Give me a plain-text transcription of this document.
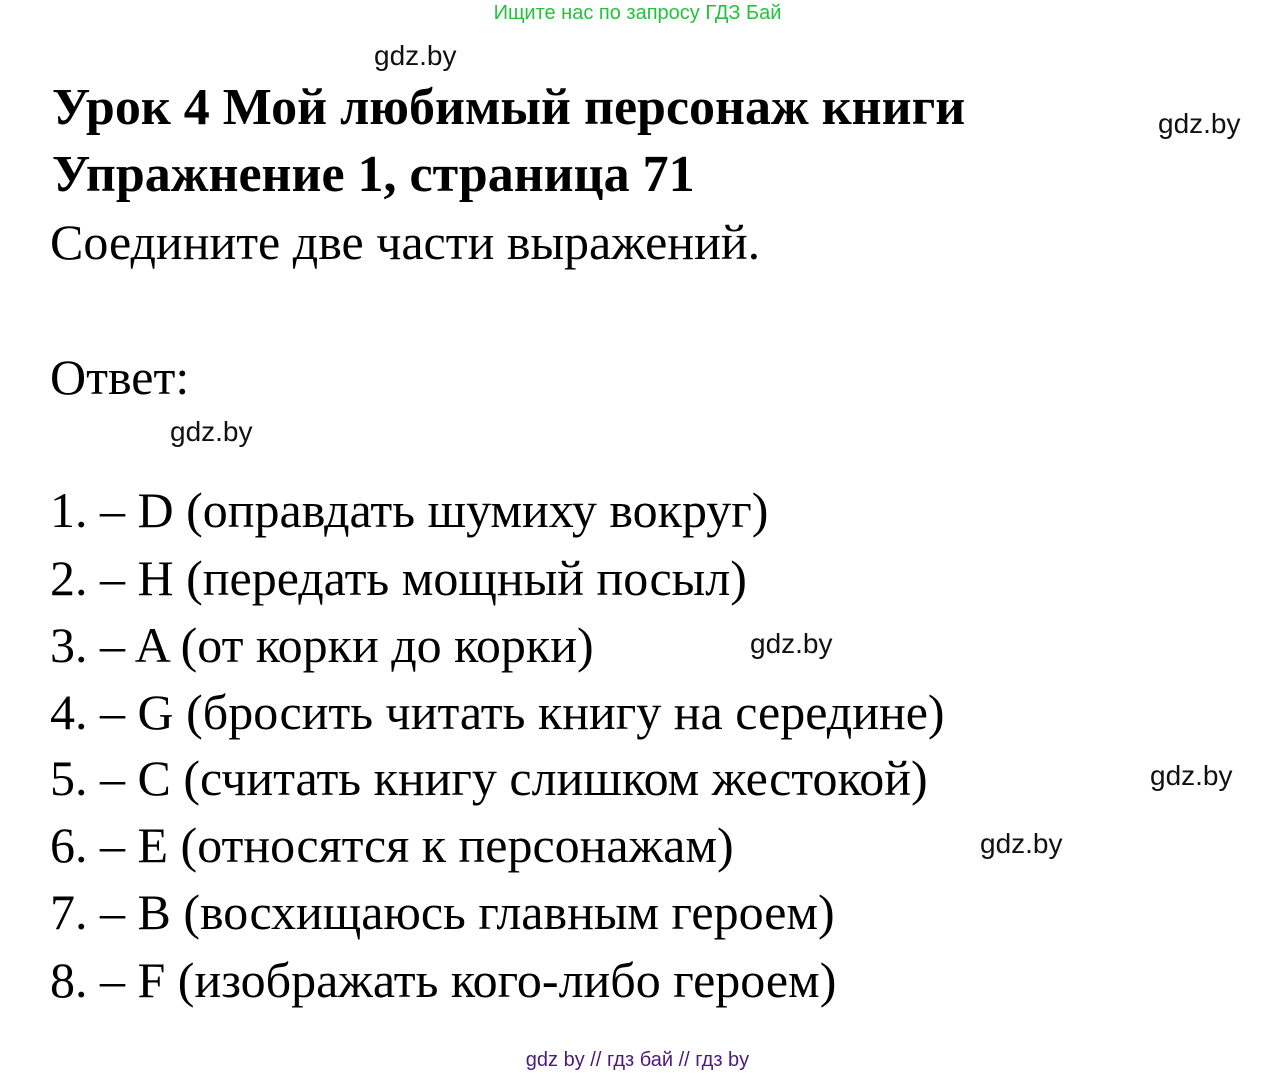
Ищите нас по запросу ГДЗ Бай
gdz.by
gdz.by
gdz.by
gdz.by
gdz.by
gdz.by
Урок 4 Мой любимый персонаж книги
Упражнение 1, страница 71
Соедините две части выражений.
Ответ:
1. – D (оправдать шумиху вокруг)
2. – H (передать мощный посыл)
3. – A (от корки до корки)
4. – G (бросить читать книгу на середине)
5. – C (считать книгу слишком жестокой)
6. – E (относятся к персонажам)
7. – B (восхищаюсь главным героем)
8. – F (изображать кого-либо героем)
gdz by // гдз бай // гдз by
